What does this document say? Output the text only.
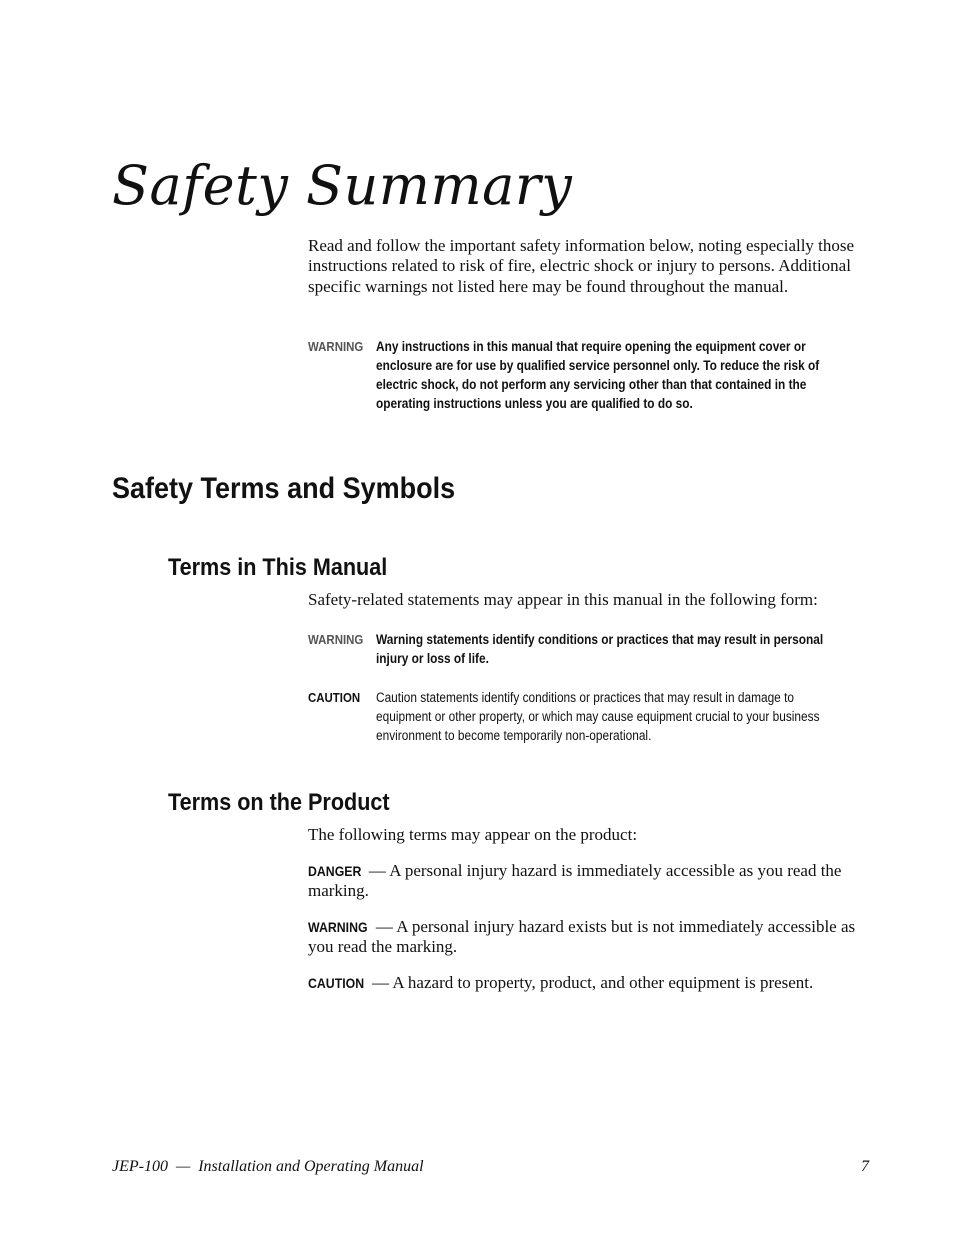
Safety Summary

Read and follow the important safety information below, noting especially those instructions related to risk of fire, electric shock or injury to persons. Additional specific warnings not listed here may be found throughout the manual.

WARNING Any instructions in this manual that require opening the equipment cover or enclosure are for use by qualified service personnel only. To reduce the risk of electric shock, do not perform any servicing other than that contained in the operating instructions unless you are qualified to do so.
Safety Terms and Symbols
Terms in This Manual

Safety-related statements may appear in this manual in the following form:

WARNING Warning statements identify conditions or practices that may result in personal injury or loss of life.
CAUTION Caution statements identify conditions or practices that may result in damage to equipment or other property, or which may cause equipment crucial to your business environment to become temporarily non-operational.
Terms on the Product

The following terms may appear on the product:

DANGER — A personal injury hazard is immediately accessible as you read the marking.

WARNING — A personal injury hazard exists but is not immediately accessible as you read the marking.

CAUTION — A hazard to property, product, and other equipment is present.

JEP-100  —  Installation and Operating Manual	7
